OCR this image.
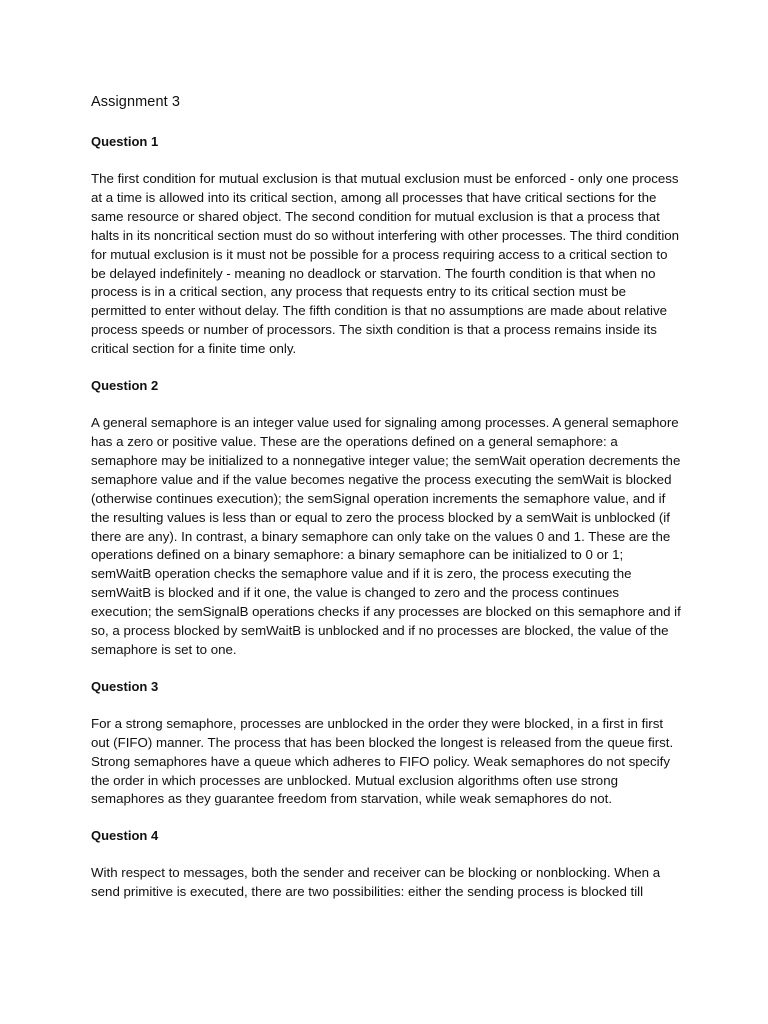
Assignment 3
Question 1

The first condition for mutual exclusion is that mutual exclusion must be enforced - only one process at a time is allowed into its critical section, among all processes that have critical sections for the same resource or shared object. The second condition for mutual exclusion is that a process that halts in its noncritical section must do so without interfering with other processes. The third condition for mutual exclusion is it must not be possible for a process requiring access to a critical section to be delayed indefinitely - meaning no deadlock or starvation. The fourth condition is that when no process is in a critical section, any process that requests entry to its critical section must be permitted to enter without delay. The fifth condition is that no assumptions are made about relative process speeds or number of processors. The sixth condition is that a process remains inside its critical section for a finite time only.

Question 2

A general semaphore is an integer value used for signaling among processes. A general semaphore has a zero or positive value. These are the operations defined on a general semaphore: a semaphore may be initialized to a nonnegative integer value; the semWait operation decrements the semaphore value and if the value becomes negative the process executing the semWait is blocked (otherwise continues execution); the semSignal operation increments the semaphore value, and if the resulting values is less than or equal to zero the process blocked by a semWait is unblocked (if there are any). In contrast, a binary semaphore can only take on the values 0 and 1. These are the operations defined on a binary semaphore: a binary semaphore can be initialized to 0 or 1; semWaitB operation checks the semaphore value and if it is zero, the process executing the semWaitB is blocked and if it one, the value is changed to zero and the process continues execution; the semSignalB operations checks if any processes are blocked on this semaphore and if so, a process blocked by semWaitB is unblocked and if no processes are blocked, the value of the semaphore is set to one.

Question 3

For a strong semaphore, processes are unblocked in the order they were blocked, in a first in first out (FIFO) manner. The process that has been blocked the longest is released from the queue first. Strong semaphores have a queue which adheres to FIFO policy. Weak semaphores do not specify the order in which processes are unblocked. Mutual exclusion algorithms often use strong semaphores as they guarantee freedom from starvation, while weak semaphores do not.

Question 4

With respect to messages, both the sender and receiver can be blocking or nonblocking. When a send primitive is executed, there are two possibilities: either the sending process is blocked till
